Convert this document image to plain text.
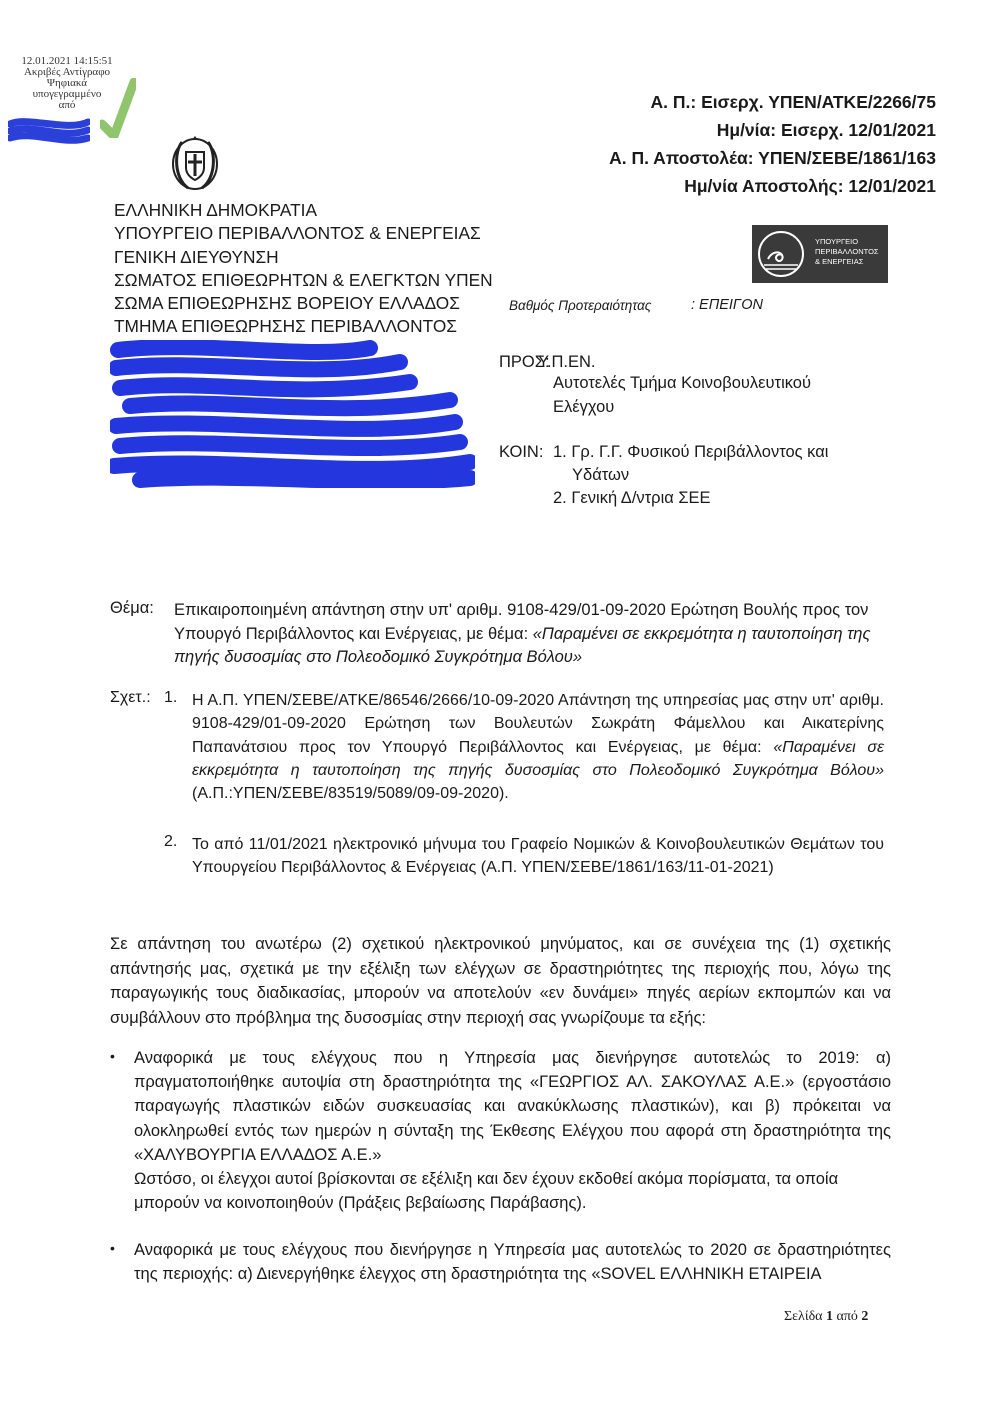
12.01.2021 14:15:51
Ακριβές Αντίγραφο
Ψηφιακά
υπογεγραμμένο
από
ΕΛΛΗΝΙΚΗ ΔΗΜΟΚΡΑΤΙΑ
ΥΠΟΥΡΓΕΙΟ ΠΕΡΙΒΑΛΛΟΝΤΟΣ & ΕΝΕΡΓΕΙΑΣ
ΓΕΝΙΚΗ ΔΙΕΥΘΥΝΣΗ
ΣΩΜΑΤΟΣ ΕΠΙΘΕΩΡΗΤΩΝ & ΕΛΕΓΚΤΩΝ ΥΠΕΝ
ΣΩΜΑ ΕΠΙΘΕΩΡΗΣΗΣ ΒΟΡΕΙΟΥ ΕΛΛΑΔΟΣ
ΤΜΗΜΑ ΕΠΙΘΕΩΡΗΣΗΣ ΠΕΡΙΒΑΛΛΟΝΤΟΣ
Α. Π.: Εισερχ. ΥΠΕΝ/ΑΤΚΕ/2266/75
Ημ/νία: Εισερχ. 12/01/2021
Α. Π. Αποστολέα: ΥΠΕΝ/ΣΕΒΕ/1861/163
Ημ/νία Αποστολής: 12/01/2021
ΥΠΟΥΡΓΕΙΟ
ΠΕΡΙΒΑΛΛΟΝΤΟΣ
& ΕΝΕΡΓΕΙΑΣ
Βαθμός Προτεραιότητας	: ΕΠΕΙΓΟΝ
ΠΡΟΣ:
Υ.Π.ΕΝ.
Αυτοτελές Τμήμα Κοινοβουλευτικού
Ελέγχου
ΚΟΙΝ: 1. Γρ. Γ.Γ. Φυσικού Περιβάλλοντος και
Υδάτων
2. Γενική Δ/ντρια ΣΕΕ
Θέμα: Επικαιροποιημένη απάντηση στην υπ' αριθμ. 9108-429/01-09-2020 Ερώτηση Βουλής προς τον Υπουργό Περιβάλλοντος και Ενέργειας, με θέμα: «Παραμένει σε εκκρεμότητα η ταυτοποίηση της πηγής δυσοσμίας στο Πολεοδομικό Συγκρότημα Βόλου»
Σχετ.: 1. Η Α.Π. ΥΠΕΝ/ΣΕΒΕ/ΑΤΚΕ/86546/2666/10-09-2020 Απάντηση της υπηρεσίας μας στην υπ' αριθμ. 9108-429/01-09-2020 Ερώτηση των Βουλευτών Σωκράτη Φάμελλου και Αικατερίνης Παπανάτσιου προς τον Υπουργό Περιβάλλοντος και Ενέργειας, με θέμα: «Παραμένει σε εκκρεμότητα η ταυτοποίηση της πηγής δυσοσμίας στο Πολεοδομικό Συγκρότημα Βόλου» (Α.Π.:ΥΠΕΝ/ΣΕΒΕ/83519/5089/09-09-2020).
2. Το από 11/01/2021 ηλεκτρονικό μήνυμα του Γραφείο Νομικών & Κοινοβουλευτικών Θεμάτων του Υπουργείου Περιβάλλοντος & Ενέργειας (Α.Π. ΥΠΕΝ/ΣΕΒΕ/1861/163/11-01-2021)
Σε απάντηση του ανωτέρω (2) σχετικού ηλεκτρονικού μηνύματος, και σε συνέχεια της (1) σχετικής απάντησής μας, σχετικά με την εξέλιξη των ελέγχων σε δραστηριότητες της περιοχής που, λόγω της παραγωγικής τους διαδικασίας, μπορούν να αποτελούν «εν δυνάμει» πηγές αερίων εκπομπών και να συμβάλλουν στο πρόβλημα της δυσοσμίας στην περιοχή σας γνωρίζουμε τα εξής:
• Αναφορικά με τους ελέγχους που η Υπηρεσία μας διενήργησε αυτοτελώς το 2019: α) πραγματοποιήθηκε αυτοψία στη δραστηριότητα της «ΓΕΩΡΓΙΟΣ ΑΛ. ΣΑΚΟΥΛΑΣ Α.Ε.» (εργοστάσιο παραγωγής πλαστικών ειδών συσκευασίας και ανακύκλωσης πλαστικών), και β) πρόκειται να ολοκληρωθεί εντός των ημερών η σύνταξη της Έκθεσης Ελέγχου που αφορά στη δραστηριότητα της «ΧΑΛΥΒΟΥΡΓΙΑ ΕΛΛΑΔΟΣ Α.Ε.»
Ωστόσο, οι έλεγχοι αυτοί βρίσκονται σε εξέλιξη και δεν έχουν εκδοθεί ακόμα πορίσματα, τα οποία μπορούν να κοινοποιηθούν (Πράξεις βεβαίωσης Παράβασης).
• Αναφορικά με τους ελέγχους που διενήργησε η Υπηρεσία μας αυτοτελώς το 2020 σε δραστηριότητες της περιοχής: α) Διενεργήθηκε έλεγχος στη δραστηριότητα της «SOVEL ΕΛΛΗΝΙΚΗ ΕΤΑΙΡΕΙΑ
Σελίδα 1 από 2
